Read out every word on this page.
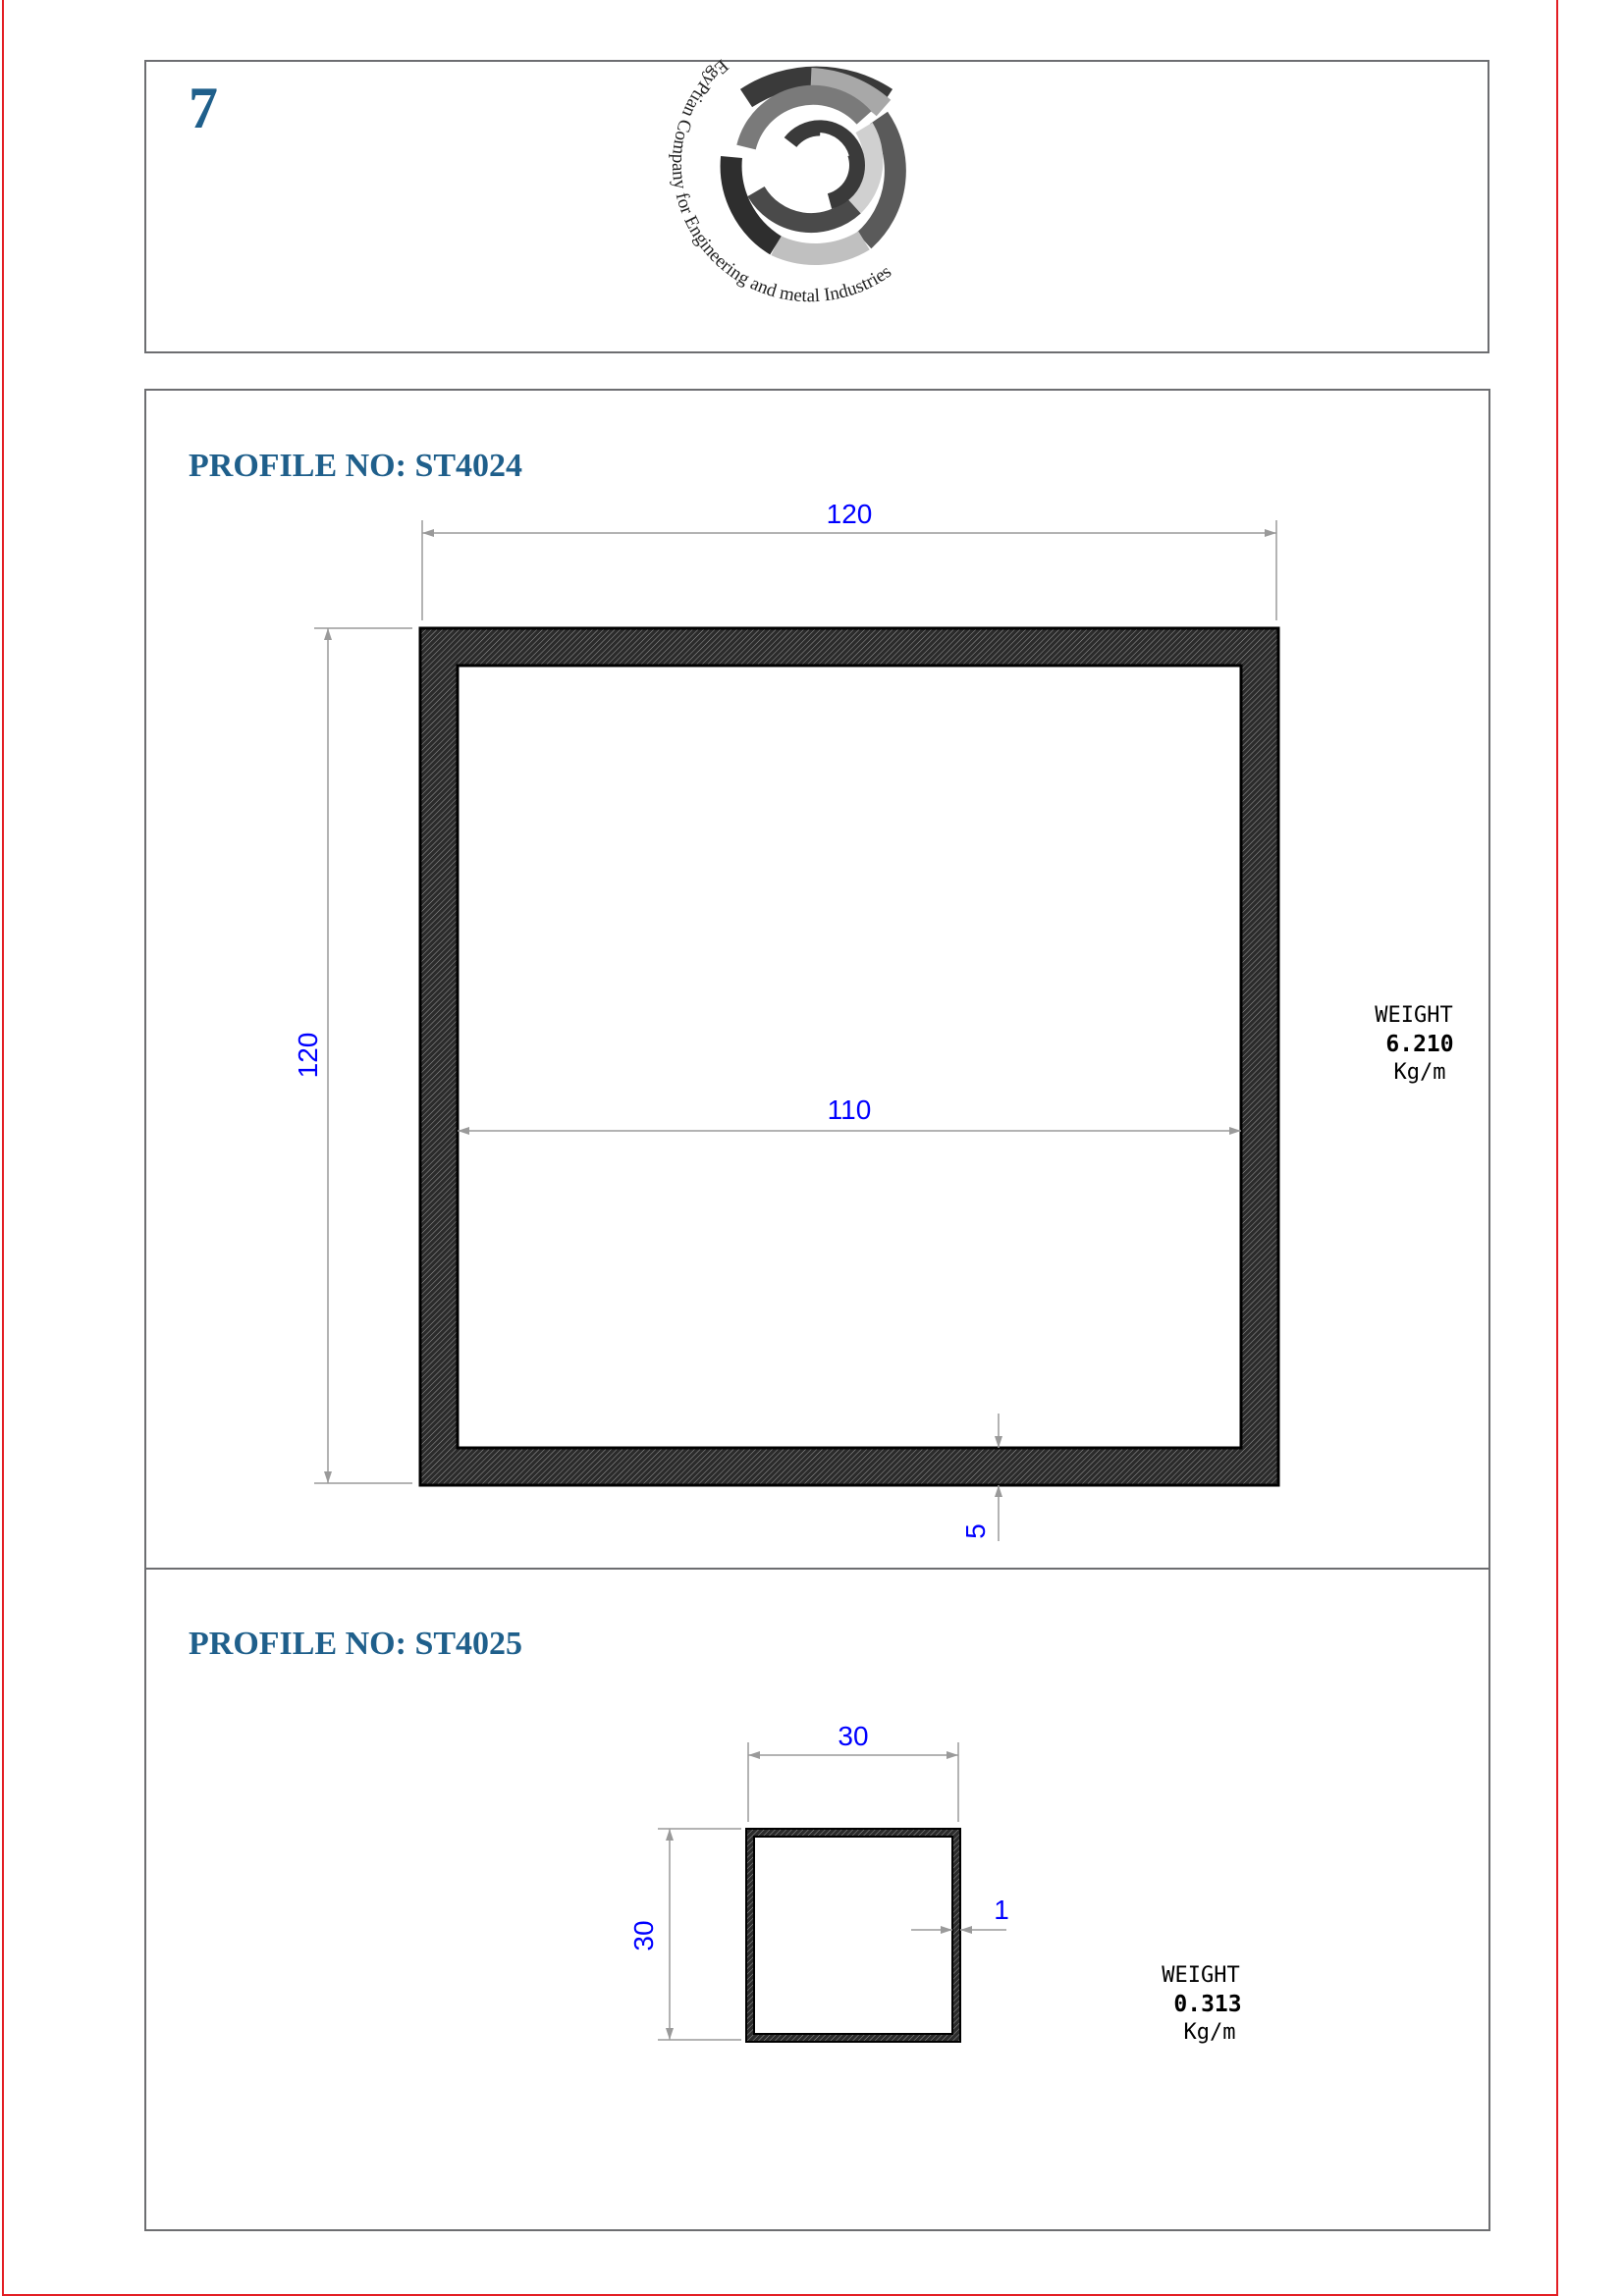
7
PROFILE NO: ST4024
PROFILE NO: ST4025
EgyPtian Company for Engineering and metal Industries
120
120
110
5
WEIGHT
6.210
Kg/m
30
30
1
WEIGHT
0.313
Kg/m
